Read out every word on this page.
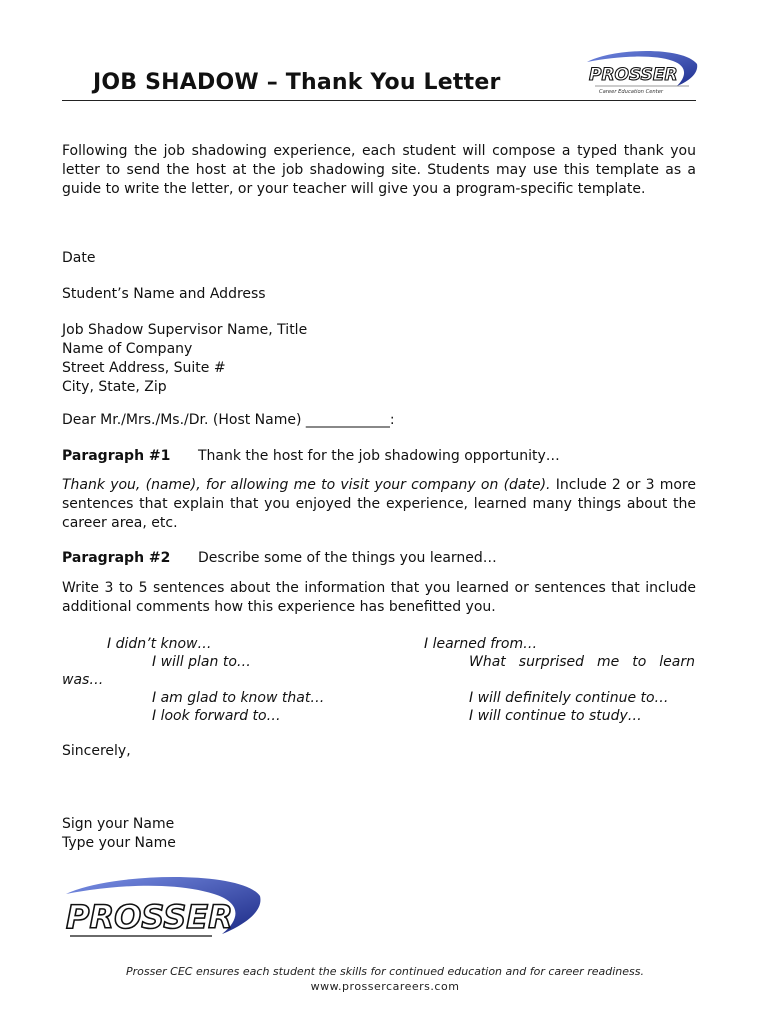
JOB SHADOW – Thank You Letter	PROSSER
Career Education Center
Following the job shadowing experience, each student will compose a typed thank you letter to send the host at the job shadowing site. Students may use this template as a guide to write the letter, or your teacher will give you a program-specific template.
Date
Student’s Name and Address
Job Shadow Supervisor Name, Title
Name of Company
Street Address, Suite #
City, State, Zip
Dear Mr./Mrs./Ms./Dr. (Host Name) ____________:
Paragraph #1 Thank the host for the job shadowing opportunity…
Thank you, (name), for allowing me to visit your company on (date). Include 2 or 3 more sentences that explain that you enjoyed the experience, learned many things about the career area, etc.
Paragraph #2 Describe some of the things you learned…
Write 3 to 5 sentences about the information that you learned or sentences that include additional comments how this experience has benefitted you.
I didn’t know…
I will plan to…
was…
I am glad to know that…
I look forward to…
I learned from…
What surprised me to learn
I will definitely continue to…
I will continue to study…
Sincerely,
Sign your Name
Type your Name
PROSSER
Prosser CEC ensures each student the skills for continued education and for career readiness.
www.prossercareers.com
